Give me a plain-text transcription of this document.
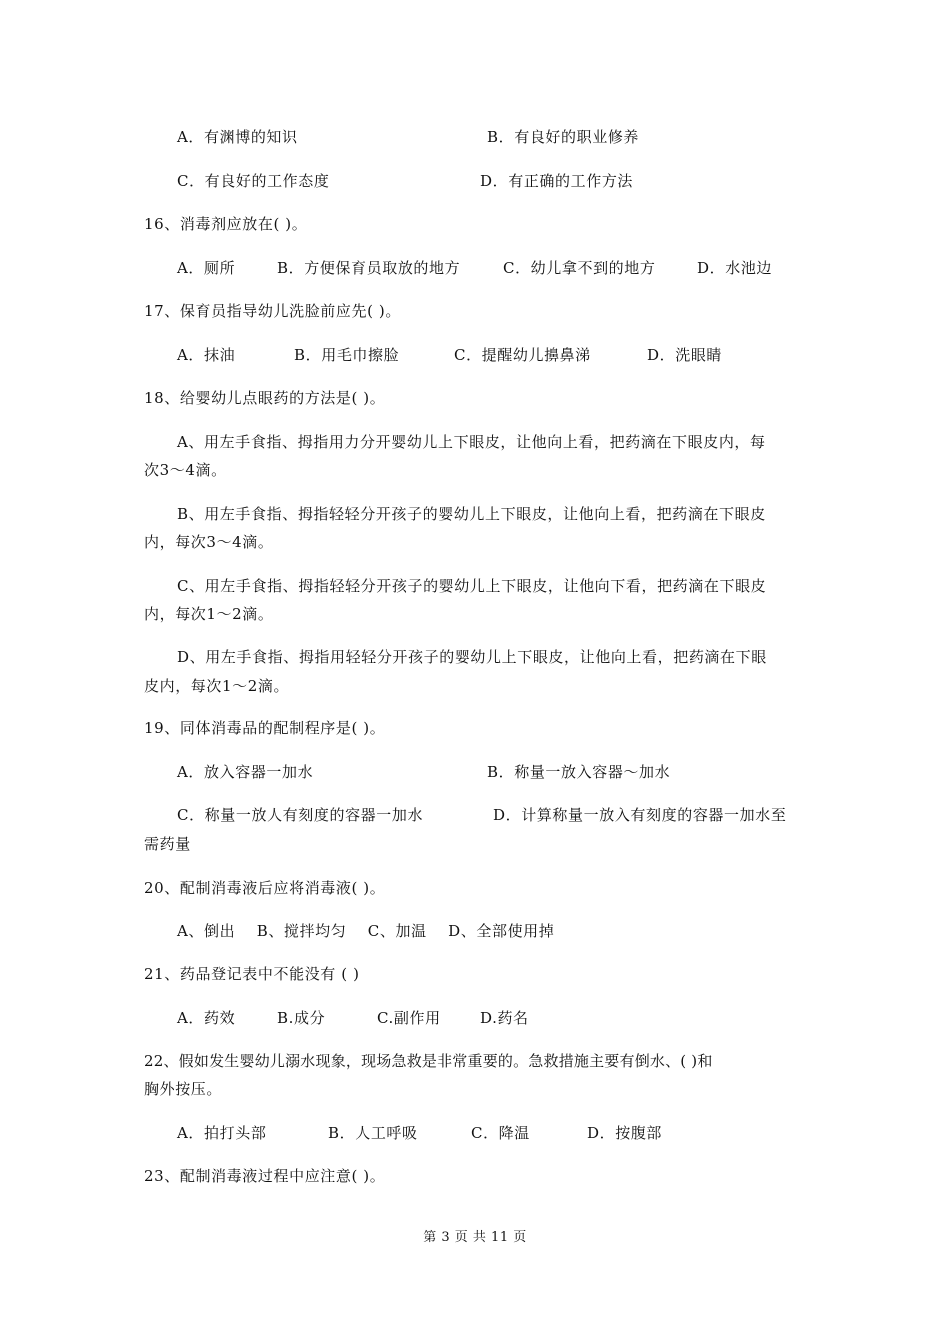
A．有渊博的知识	B．有良好的职业修养
C．有良好的工作态度	D．有正确的工作方法
16、消毒剂应放在( )。
A．厕所	B．方便保育员取放的地方	C．幼儿拿不到的地方	D．水池边
17、保育员指导幼儿洗脸前应先( )。
A．抹油	B．用毛巾擦脸	C．提醒幼儿擤鼻涕	D．洗眼睛
18、给婴幼儿点眼药的方法是( )。
A、用左手食指、拇指用力分开婴幼儿上下眼皮，让他向上看，把药滴在下眼皮内，每
次3～4滴。
B、用左手食指、拇指轻轻分开孩子的婴幼儿上下眼皮，让他向上看，把药滴在下眼皮
内，每次3～4滴。
C、用左手食指、拇指轻轻分开孩子的婴幼儿上下眼皮，让他向下看，把药滴在下眼皮
内，每次1～2滴。
D、用左手食指、拇指用轻轻分开孩子的婴幼儿上下眼皮，让他向上看，把药滴在下眼
皮内，每次1～2滴。
19、同体消毒品的配制程序是( )。
A．放入容器一加水	B．称量一放入容器～加水
C．称量一放人有刻度的容器一加水	D．计算称量一放入有刻度的容器一加水至
需药量
20、配制消毒液后应将消毒液( )。
A、倒出    B、搅拌均匀    C、加温    D、全部使用掉
21、药品登记表中不能没有 ( )
A．药效	B.成分	C.副作用	D.药名
22、假如发生婴幼儿溺水现象，现场急救是非常重要的。急救措施主要有倒水、( )和
胸外按压。
A．拍打头部	B．人工呼吸	C．降温	D．按腹部
23、配制消毒液过程中应注意( )。
第 3 页 共 11 页
